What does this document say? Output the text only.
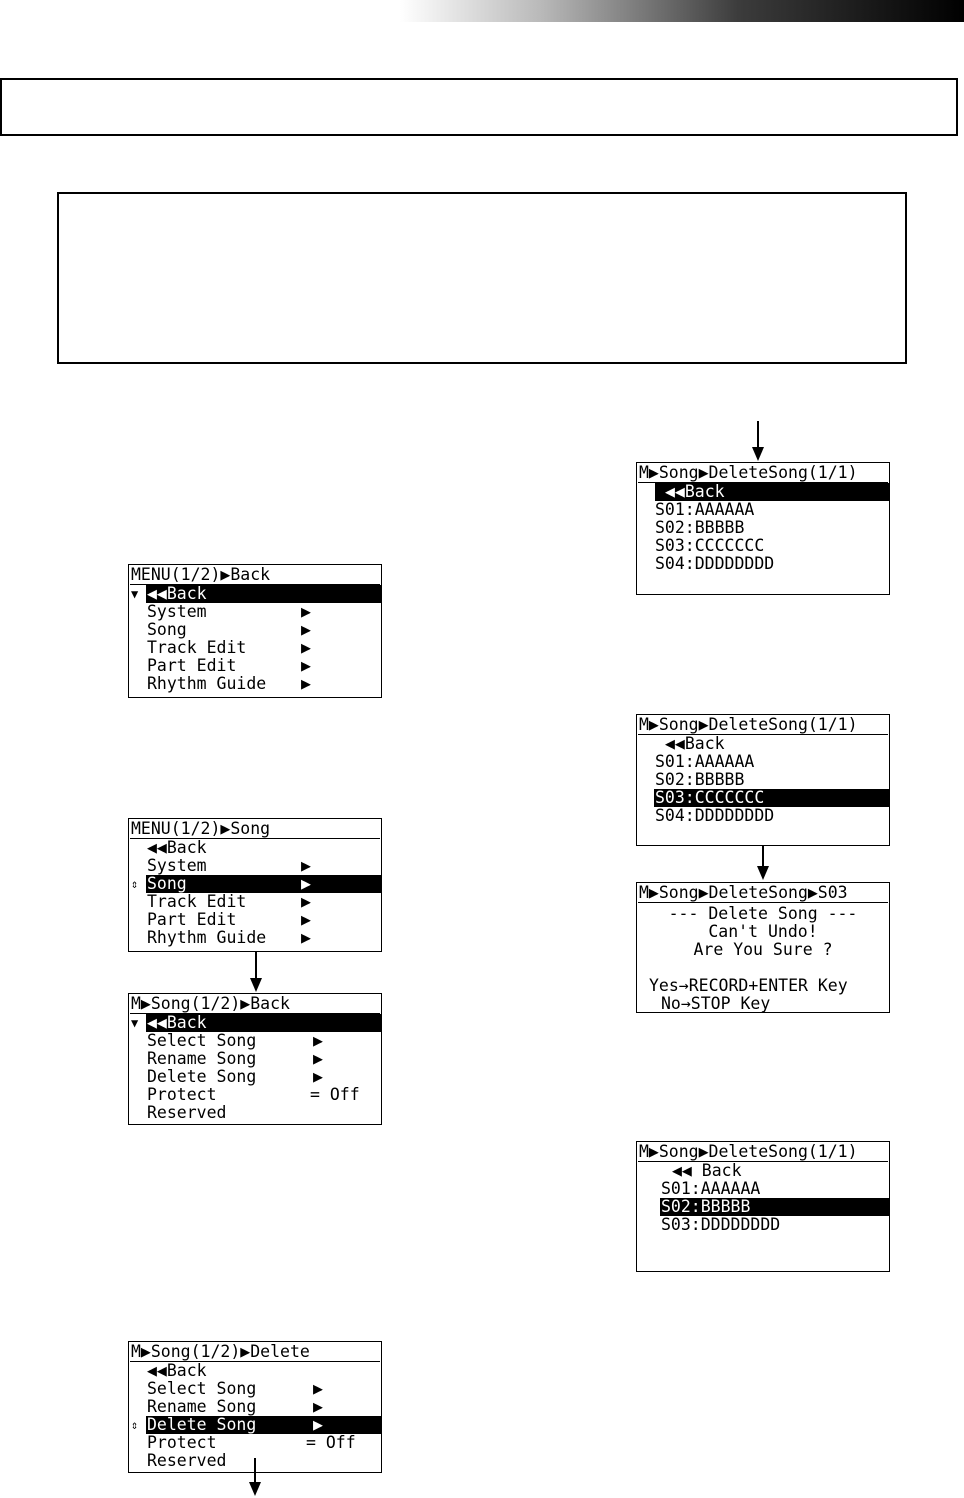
MENU(1/2)▶Back

▼

◀◀Back

System

	▶

Song

	▶

Track Edit

	▶

Part Edit

	▶

Rhythm Guide

▶

MENU(1/2)▶Song

◀◀Back

System

	▶

⇕

Song

	▶

Track Edit

	▶

Part Edit

	▶

Rhythm Guide

▶

M▶Song(1/2)▶Back

▼

◀◀Back

Select Song

	▶

Rename Song

	▶

Delete Song

	▶

Protect

	= Off

Reserved

M▶Song(1/2)▶Delete

◀◀Back

Select Song

	▶

Rename Song

	▶

⇕

Delete Song

	▶

Protect

	= Off

Reserved

M▶Song▶DeleteSong(1/1)

◀◀Back

S01:AAAAAA

S02:BBBBB

S03:CCCCCCC

S04:DDDDDDDD

M▶Song▶DeleteSong(1/1)

◀◀Back

S01:AAAAAA

S02:BBBBB

S03:CCCCCCC

S04:DDDDDDDD

M▶Song▶DeleteSong▶S03
--- Delete Song ---
Can't Undo!
Are You Sure ?
Yes→RECORD+ENTER Key
No→STOP Key
M▶Song▶DeleteSong(1/1)

◀◀ Back

S01:AAAAAA

S02:BBBBB

S03:DDDDDDDD
